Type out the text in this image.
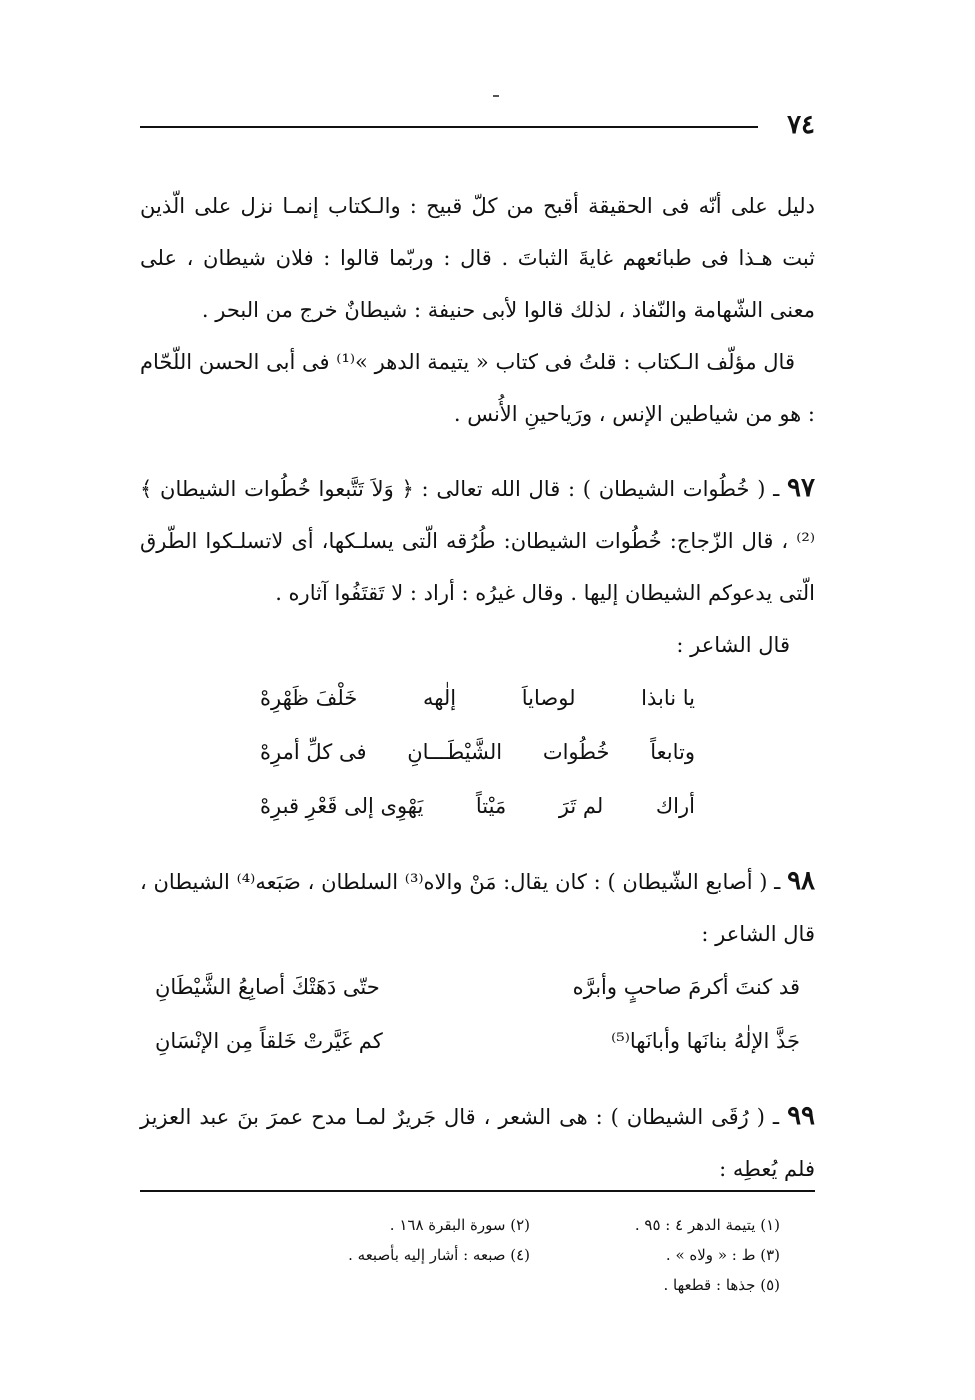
٧٤

دليل على أنّه فى الحقيقة أقبح من كلّ قبيح : والـكتاب إنمـا نزل على الّذين ثبت هـذا فى طبائعهم غايةَ الثباتَ . قال : وربّما قالوا : فلان شيطان ، على معنى الشّهامة والنّفاذ ، لذلك قالوا لأبى حنيفة : شيطانٌ خرج من البحر .

قال مؤلّف الـكتاب : قلتُ فى كتاب « يتيمة الدهر »⁽¹⁾ فى أبى الحسن اللّحّام : هو من شياطين الإنس ، ورَياحينِ الأُنس .

٩٧ ـ ( خُطُوات الشيطان ) : قال الله تعالى : ﴿ وَلاَ تَتَّبعوا خُطُوات الشيطان ﴾⁽²⁾ ، قال الزّجاج: خُطُوات الشيطان: طُرُقه الّتى يسلـكها، أى لاتسلـكوا الطّرق الّتى يدعوكم الشيطان إليها . وقال غيرُه : أراد : لا تَقتَفُوا آثاره .

قال الشاعر :

يا نابذا
لوصاياَ
إلٰهه
خَلْفَ ظَهْرِهْ
وتابعاً
خُطُوات
الشَّيْطَـــانِ
فى كلِّ أمرِهْ
أراك
لم تَرَ
مَيْتاً
يَهْوِى إلى قَعْرِ قبرِهْ

٩٨ ـ ( أصابع الشّيطان ) : كان يقال: مَنْ والاه⁽³⁾ السلطان ، صَبَعه⁽⁴⁾ الشيطان ، قال الشاعر :

قد كنتَ أكرمَ صاحبٍ وأبرَّه
حتّى دَهَتْكَ أصابِعُ الشَّيْطَانِ
جَذَّ الإلٰهُ بنانَها وأبانَها⁽⁵⁾
كم غَيَّرتْ خَلقاً مِن الإنْسَانِ

٩٩ ـ ( رُقَى الشيطان ) : هى الشعر ، قال جَريرٌ لمـا مدح عمرَ بنَ عبد العزيز فلم يُعطِه :

(١) يتيمة الدهر ٤ : ٩٥ .
(٢) سورة البقرة ١٦٨ .
(٣) ط : « ولاه » .
(٤) صبعه : أشار إليه بأصبعه .
(٥) جذها : قطعها .
